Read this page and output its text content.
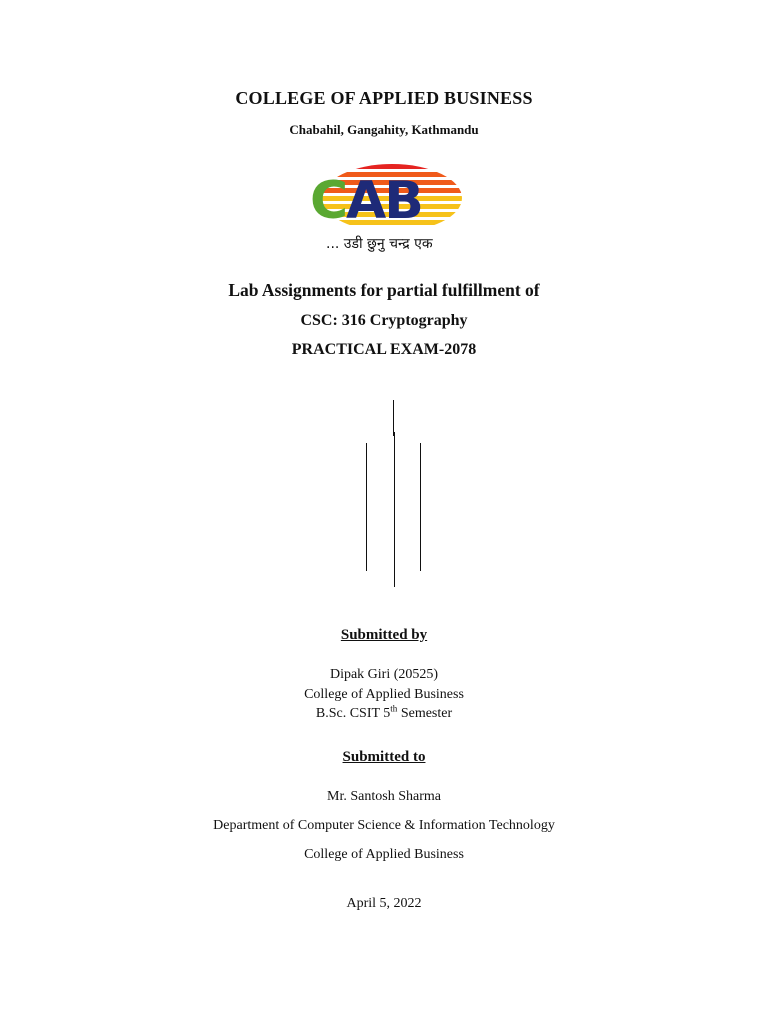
COLLEGE OF APPLIED BUSINESS
Chabahil, Gangahity, Kathmandu
C AB
... उडी छुनु चन्द्र एक
Lab Assignments for partial fulfillment of
CSC: 316 Cryptography
PRACTICAL EXAM-2078
Submitted by
Dipak Giri (20525)
College of Applied Business
B.Sc. CSIT 5th Semester
Submitted to
Mr. Santosh Sharma
Department of Computer Science & Information Technology
College of Applied Business
April 5, 2022
